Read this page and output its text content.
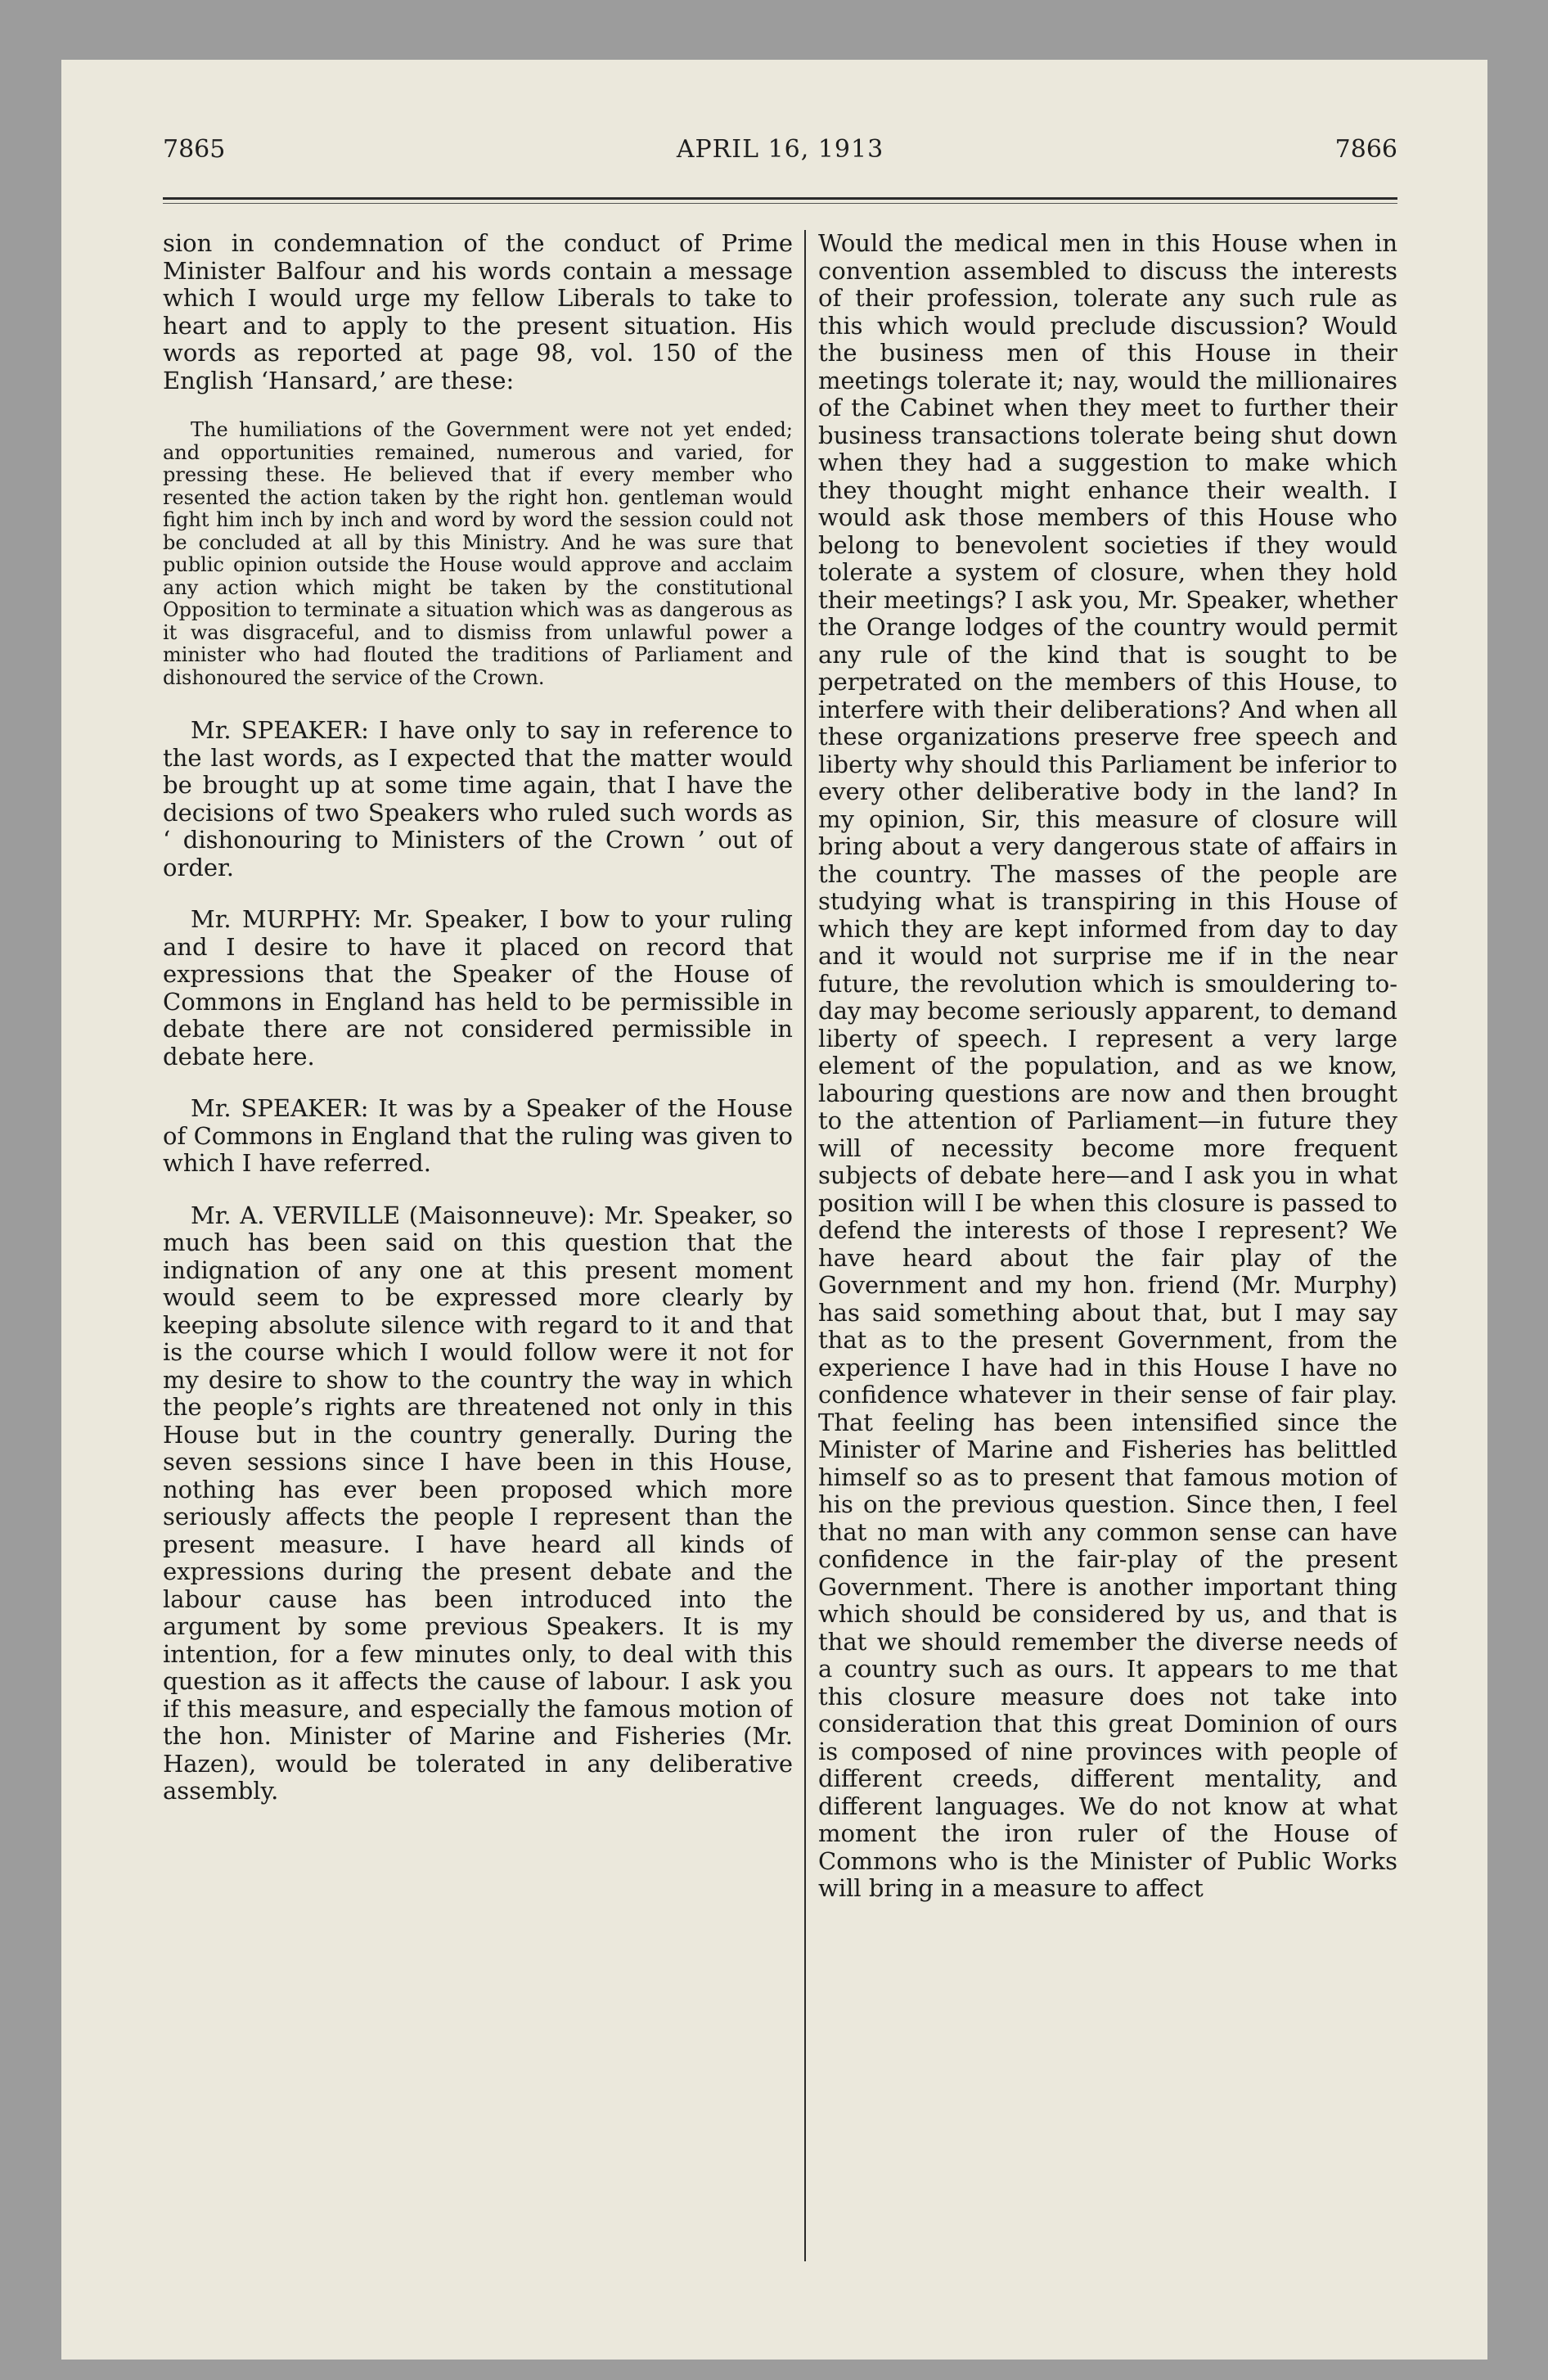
7865	APRIL 16, 1913	7866

sion in condemnation of the conduct of Prime Minister Balfour and his words contain a message which I would urge my fellow Liberals to take to heart and to apply to the present situation. His words as reported at page 98, vol. 150 of the English ‘Hansard,’ are these:

The humiliations of the Government were not yet ended; and opportunities remained, numerous and varied, for pressing these. He believed that if every member who resented the action taken by the right hon. gentleman would fight him inch by inch and word by word the session could not be concluded at all by this Ministry. And he was sure that public opinion outside the House would approve and acclaim any action which might be taken by the constitutional Opposition to terminate a situation which was as dangerous as it was disgraceful, and to dismiss from unlawful power a minister who had flouted the traditions of Parliament and dishonoured the service of the Crown.

Mr. SPEAKER: I have only to say in reference to the last words, as I expected that the matter would be brought up at some time again, that I have the decisions of two Speakers who ruled such words as ‘ dishonouring to Ministers of the Crown ’ out of order.

Mr. MURPHY: Mr. Speaker, I bow to your ruling and I desire to have it placed on record that expressions that the Speaker of the House of Commons in England has held to be permissible in debate there are not considered permissible in debate here.

Mr. SPEAKER: It was by a Speaker of the House of Commons in England that the ruling was given to which I have referred.

Mr. A. VERVILLE (Maisonneuve): Mr. Speaker, so much has been said on this question that the indignation of any one at this present moment would seem to be expressed more clearly by keeping absolute silence with regard to it and that is the course which I would follow were it not for my desire to show to the country the way in which the people’s rights are threatened not only in this House but in the country generally. During the seven sessions since I have been in this House, nothing has ever been proposed which more seriously affects the people I represent than the present measure. I have heard all kinds of expressions during the present debate and the labour cause has been introduced into the argument by some previous Speakers. It is my intention, for a few minutes only, to deal with this question as it affects the cause of labour. I ask you if this measure, and especially the famous motion of the hon. Minister of Marine and Fisheries (Mr. Hazen), would be tolerated in any deliberative assembly.

Would the medical men in this House when in convention assembled to discuss the interests of their profession, tolerate any such rule as this which would preclude discussion? Would the business men of this House in their meetings tolerate it; nay, would the millionaires of the Cabinet when they meet to further their business transactions tolerate being shut down when they had a suggestion to make which they thought might enhance their wealth. I would ask those members of this House who belong to benevolent societies if they would tolerate a system of closure, when they hold their meetings? I ask you, Mr. Speaker, whether the Orange lodges of the country would permit any rule of the kind that is sought to be perpetrated on the members of this House, to interfere with their deliberations? And when all these organizations preserve free speech and liberty why should this Parliament be inferior to every other deliberative body in the land? In my opinion, Sir, this measure of closure will bring about a very dangerous state of affairs in the country. The masses of the people are studying what is transpiring in this House of which they are kept informed from day to day and it would not surprise me if in the near future, the revolution which is smouldering to-day may become seriously apparent, to demand liberty of speech. I represent a very large element of the population, and as we know, labouring questions are now and then brought to the attention of Parliament—in future they will of necessity become more frequent subjects of debate here—and I ask you in what position will I be when this closure is passed to defend the interests of those I represent? We have heard about the fair play of the Government and my hon. friend (Mr. Murphy) has said something about that, but I may say that as to the present Government, from the experience I have had in this House I have no confidence whatever in their sense of fair play. That feeling has been intensified since the Minister of Marine and Fisheries has belittled himself so as to present that famous motion of his on the previous question. Since then, I feel that no man with any common sense can have confidence in the fair-play of the present Government. There is another important thing which should be considered by us, and that is that we should remember the diverse needs of a country such as ours. It appears to me that this closure measure does not take into consideration that this great Dominion of ours is composed of nine provinces with people of different creeds, different mentality, and different languages. We do not know at what moment the iron ruler of the House of Commons who is the Minister of Public Works will bring in a measure to affect
